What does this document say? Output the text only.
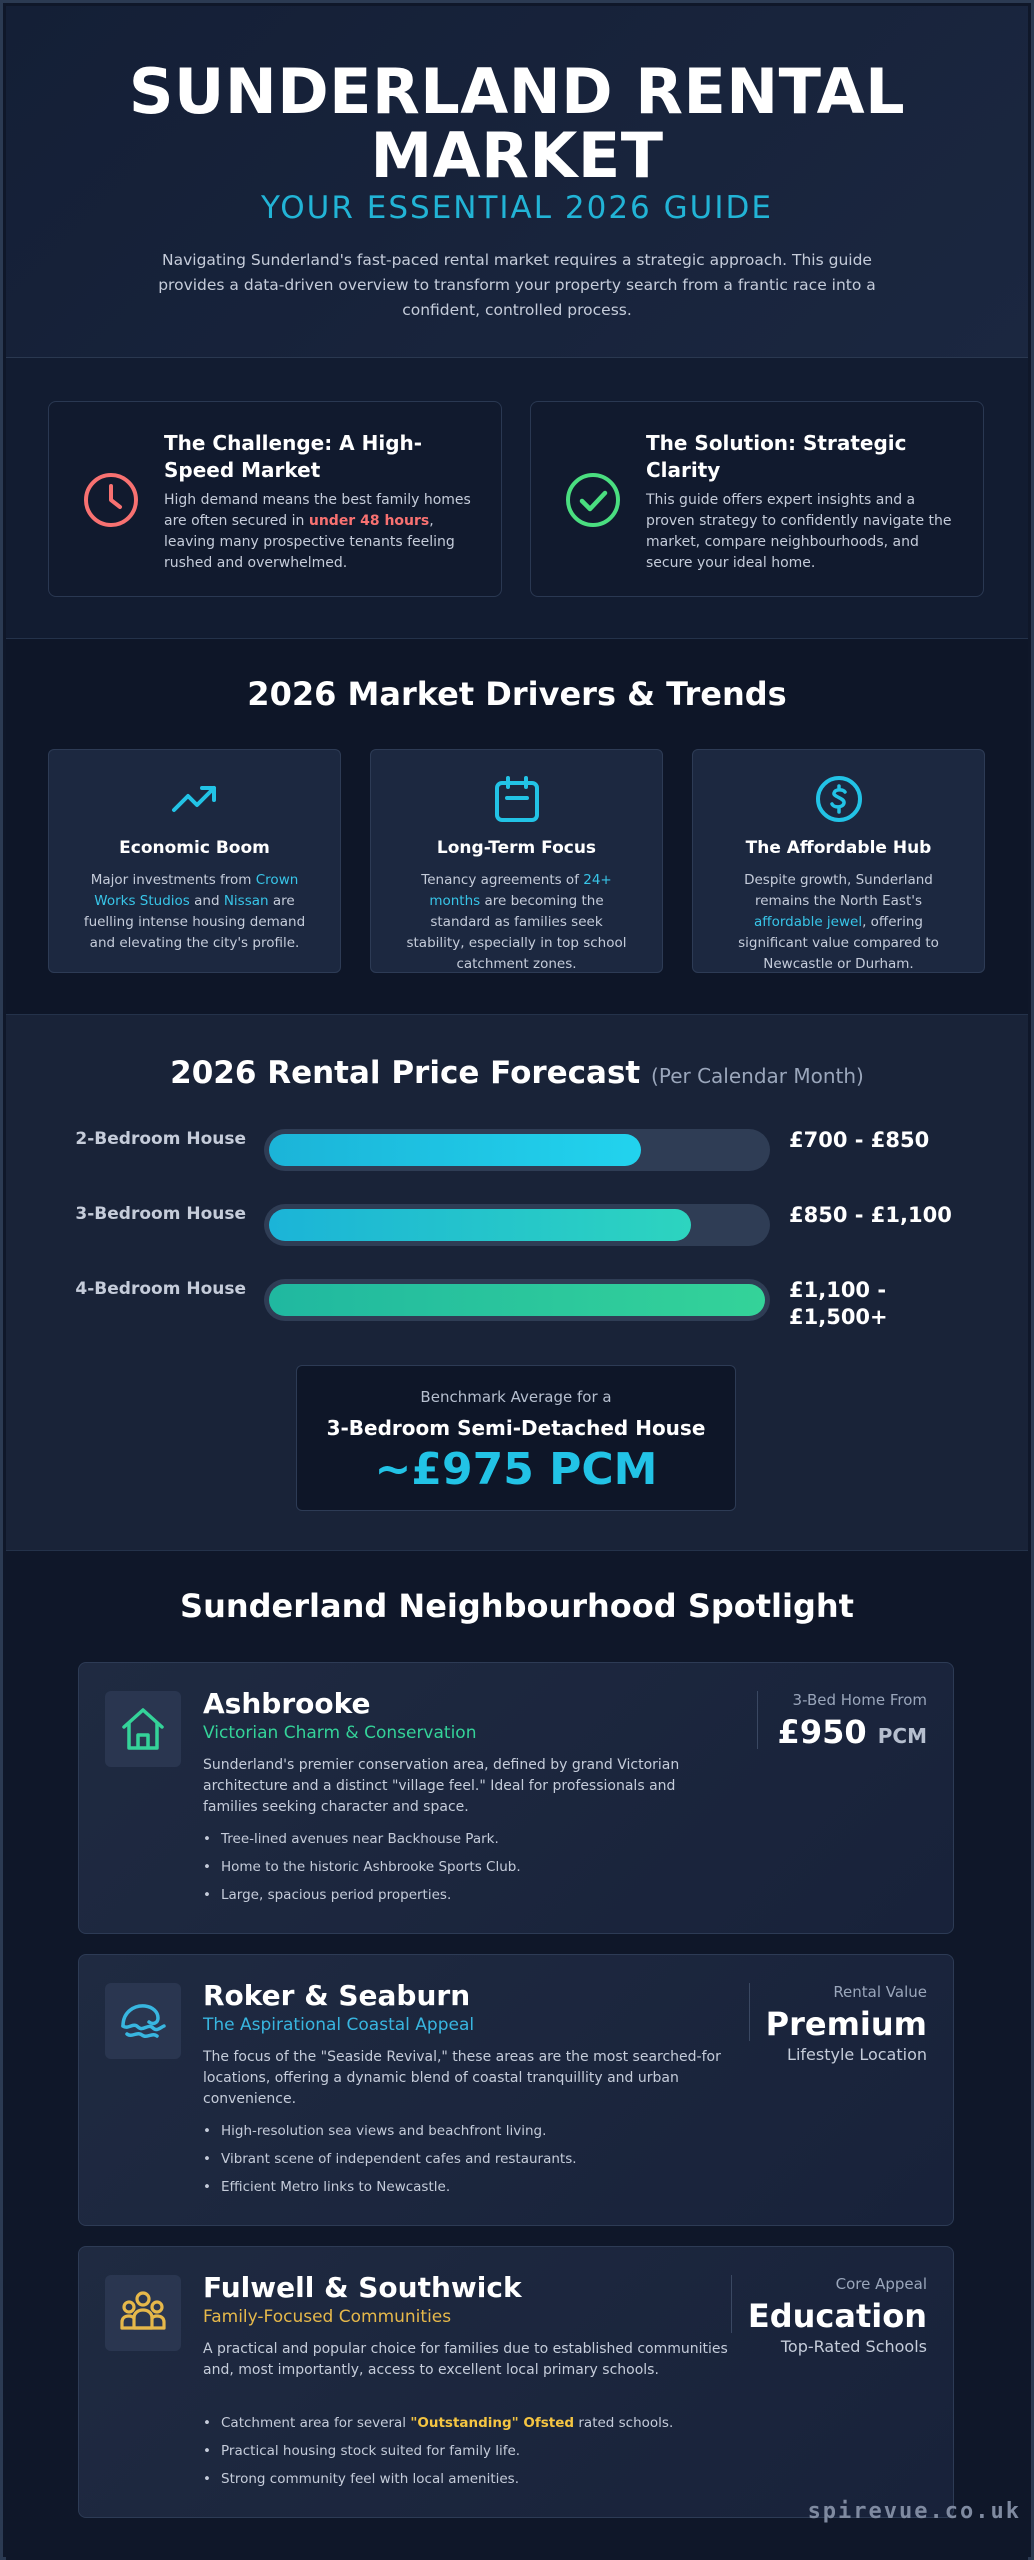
SUNDERLAND RENTAL MARKET
YOUR ESSENTIAL 2026 GUIDE

Navigating Sunderland's fast-paced rental market requires a strategic approach. This guide provides a data-driven overview to transform your property search from a frantic race into a confident, controlled process.

The Challenge: A High-Speed Market

High demand means the best family homes are often secured in under 48 hours, leaving many prospective tenants feeling rushed and overwhelmed.

The Solution: Strategic Clarity

This guide offers expert insights and a proven strategy to confidently navigate the market, compare neighbourhoods, and secure your ideal home.

2026 Market Drivers & Trends
Economic Boom

Major investments from Crown Works Studios and Nissan are fuelling intense housing demand and elevating the city's profile.

Long-Term Focus

Tenancy agreements of 24+ months are becoming the standard as families seek stability, especially in top school catchment zones.

The Affordable Hub

Despite growth, Sunderland remains the North East's affordable jewel, offering significant value compared to Newcastle or Durham.

2026 Rental Price Forecast (Per Calendar Month)
2-Bedroom House	£700 - £850
3-Bedroom House	£850 - £1,100
4-Bedroom House	£1,100 - £1,500+
Benchmark Average for a
3-Bedroom Semi-Detached House
~£975 PCM
Sunderland Neighbourhood Spotlight
Ashbrooke
Victorian Charm & Conservation

Sunderland's premier conservation area, defined by grand Victorian architecture and a distinct "village feel." Ideal for professionals and families seeking character and space.

• Tree-lined avenues near Backhouse Park.
• Home to the historic Ashbrooke Sports Club.
• Large, spacious period properties.
3-Bed Home From
£950 PCM
Roker & Seaburn
The Aspirational Coastal Appeal

The focus of the "Seaside Revival," these areas are the most searched-for locations, offering a dynamic blend of coastal tranquillity and urban convenience.

• High-resolution sea views and beachfront living.
• Vibrant scene of independent cafes and restaurants.
• Efficient Metro links to Newcastle.
Rental Value
Premium
Lifestyle Location
Fulwell & Southwick
Family-Focused Communities

A practical and popular choice for families due to established communities and, most importantly, access to excellent local primary schools.

• Catchment area for several "Outstanding" Ofsted rated schools.
• Practical housing stock suited for family life.
• Strong community feel with local amenities.
Core Appeal
Education
Top-Rated Schools
spirevue.co.uk
